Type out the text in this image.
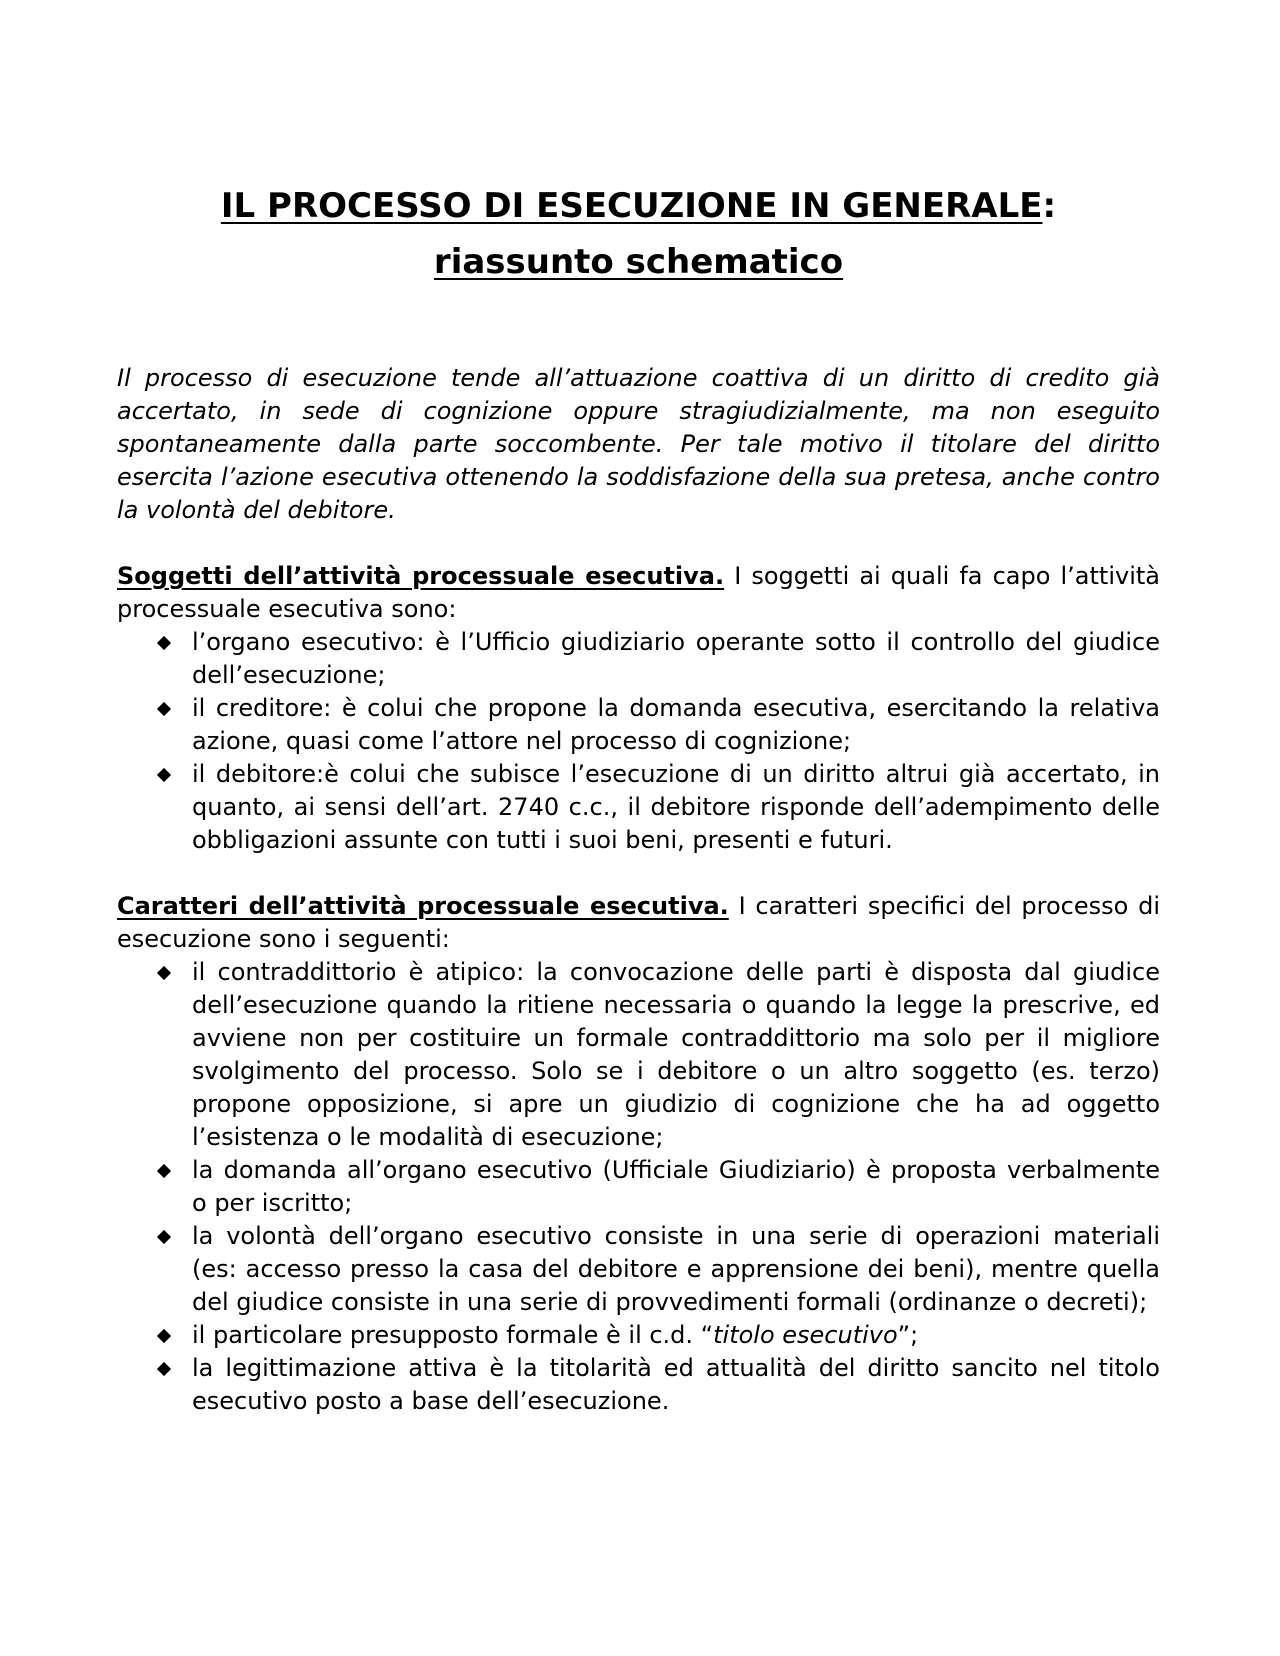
IL PROCESSO DI ESECUZIONE IN GENERALE:
riassunto schematico

Il processo di esecuzione tende all’attuazione coattiva di un diritto di credito già accertato, in sede di cognizione oppure stragiudizialmente, ma non eseguito spontaneamente dalla parte soccombente. Per tale motivo il titolare del diritto esercita l’azione esecutiva ottenendo la soddisfazione della sua pretesa, anche contro la volontà del debitore.

Soggetti dell’attività processuale esecutiva. I soggetti ai quali fa capo l’attività processuale esecutiva sono:

l’organo esecutivo: è l’Ufficio giudiziario operante sotto il controllo del giudice dell’esecuzione;
il creditore: è colui che propone la domanda esecutiva, esercitando la relativa azione, quasi come l’attore nel processo di cognizione;
il debitore:è colui che subisce l’esecuzione di un diritto altrui già accertato, in quanto, ai sensi dell’art. 2740 c.c., il debitore risponde dell’adempimento delle obbligazioni assunte con tutti i suoi beni, presenti e futuri.

Caratteri dell’attività processuale esecutiva. I caratteri specifici del processo di esecuzione sono i seguenti:

il contraddittorio è atipico: la convocazione delle parti è disposta dal giudice dell’esecuzione quando la ritiene necessaria o quando la legge la prescrive, ed avviene non per costituire un formale contraddittorio ma solo per il migliore svolgimento del processo. Solo se i debitore o un altro soggetto (es. terzo) propone opposizione, si apre un giudizio di cognizione che ha ad oggetto l’esistenza o le modalità di esecuzione;
la domanda all’organo esecutivo (Ufficiale Giudiziario) è proposta verbalmente o per iscritto;
la volontà dell’organo esecutivo consiste in una serie di operazioni materiali (es: accesso presso la casa del debitore e apprensione dei beni), mentre quella del giudice consiste in una serie di provvedimenti formali (ordinanze o decreti);
il particolare presupposto formale è il c.d. “titolo esecutivo”;
la legittimazione attiva è la titolarità ed attualità del diritto sancito nel titolo esecutivo posto a base dell’esecuzione.
